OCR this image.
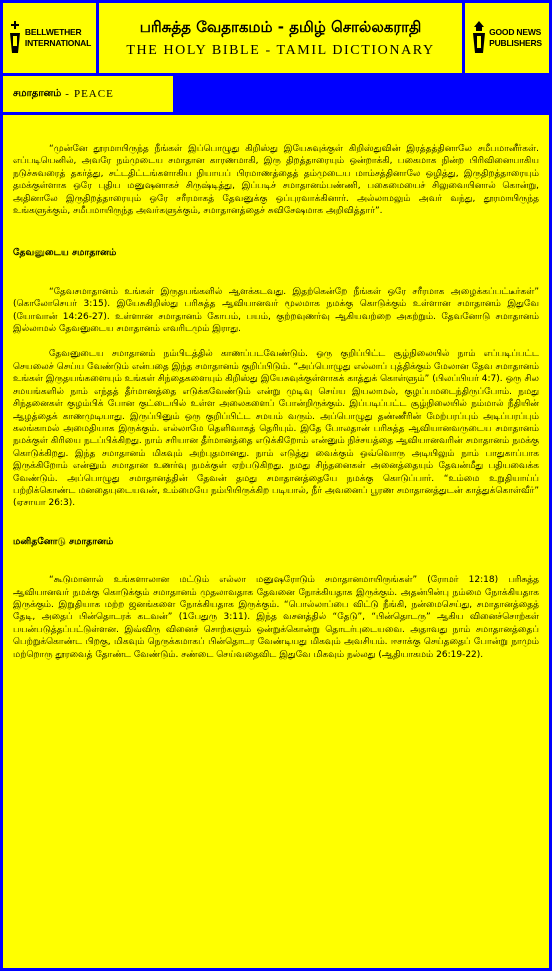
BELLWETHER
INTERNATIONAL
பரிசுத்த வேதாகமம் - தமிழ் சொல்லகராதி
THE HOLY BIBLE - TAMIL DICTIONARY
GOOD NEWS
PUBLISHERS
சமாதானம் - PEACE

“முன்னே தூரமாயிருந்த நீங்கள் இப்பொழுது கிறிஸ்து இயேசுவுக்குள் கிறிஸ்துவின் இரத்தத்தினாலே சமீபமானீர்கள். எப்படியெனில், அவரே நம்முடைய சமாதான காரணமாகி, இரு திறத்தாரையும் ஒன்றாக்கி, பகைமாக நின்ற பிரிவினையாகிய நடுச்சுவரைத் தகர்த்து, சட்டதிட்டங்களாகிய நியாயப் பிரமாணத்தைத் தம்முடைய மாம்சத்தினாலே ஒழித்து, இருதிறத்தாரையும் தமக்குள்ளாக ஒரே புதிய மனுஷனாகச் சிருஷ்டித்து, இப்படிச் சமாதானம்பண்ணி, பகைமையைச் சிலுவையினால் கொன்று, அதினாலே இருதிறத்தாரையும் ஒரே சரீரமாகத் தேவனுக்கு ஒப்புரவாக்கினார். அல்லாமலும் அவர் வந்து, தூரமாயிருந்த உங்களுக்கும், சமீபமாயிருந்த அவர்களுக்கும், சமாதானத்தைச் சுவிசேஷமாக அறிவித்தார்”.

தேவனுடைய சமாதானம்

“தேவசமாதானம் உங்கள் இருதயங்களில் ஆளக்கடவது. இதற்கென்றே நீங்கள் ஒரே சரீரமாக அழைக்கப்பட்டீர்கள்” (கொலோசெயர் 3:15). இயேசுகிறிஸ்து பரிசுத்த ஆவியானவர் மூலமாக நமக்கு கொடுக்கும் உள்ளான சமாதானம் இதுவே (யோவான் 14:26-27). உள்ளான சமாதானம் கோபம், பயம், குற்றவுணர்வு ஆகியவற்றை அகற்றும். தேவனோடு சமாதானம் இல்லாமல் தேவனுடைய சமாதானம் எவரிடமும் இராது.

தேவனுடைய சமாதானம் நம்பிடத்தில் காணப்படவேண்டும். ஒரு குறிப்பிட்ட சூழ்நிலையில் நாம் எப்படிப்பட்ட செயலைச் செய்ய வேண்டும் என்பதை இந்த சமாதானம் குறிப்பிடும். “அப்பொழுது எல்லாப் புத்திக்கும் மேலான தேவ சமாதானம் உங்கள் இருதயங்களையும் உங்கள் சிந்தைகளையும் கிறிஸ்து இயேசுவுக்குள்ளாகக் காத்துக் கொள்ளும்” (பிலப்பியர் 4:7). ஒரு சில சமயங்களில் நாம் எந்தத் தீர்மானத்தை எடுக்கவேண்டும் என்று முடிவு செய்ய இயலாமல், குழப்பமடைந்திருப்போம். நமது சிந்தனைகள் குழம்பிக் போன குட்டையில் உள்ள அலைகளைப் போன்றிருக்கும். இப்படிப்பட்ட சூழ்நிலையில் நம்மால் நீதியின் ஆழத்தைக் காணமுடியாது. இருப்பினும் ஒரு குறிப்பிட்ட சமயம் வரும். அப்பொழுது தண்ணீரின் மேற்பரப்பும் அடிப்பரப்பும் கலங்காமல் அமைதியாக இருக்கும். எல்லாமே தெளிவாகத் தெரியும். இதே போலதான் பரிசுத்த ஆவியானவருடைய சமாதானம் நமக்குள் கிரியை நடப்பிக்கிறது. நாம் சரியான தீர்மானத்தை எடுக்கிறோம் என்னும் நிச்சயத்தை ஆவியானவரின் சமாதானம் நமக்கு கொடுக்கிறது. இந்த சமாதானம் மிகவும் அற்புதமானது. நாம் எடுத்து வைக்கும் ஒவ்வொரு அடியிலும் நாம் பாதுகாப்பாக இருக்கிறோம் என்னும் சமாதான உணர்வு நமக்குள் ஏற்படுகிறது. நமது சிந்தனைகள் அனைத்தையும் தேவன்மீது பதியவைக்க வேண்டும். அப்பொழுது சமாதானத்தின் தேவன் தமது சமாதானத்தையே நமக்கு கொடுப்பார். “உம்மை உறுதியாய்ப் பற்றிக்கொண்ட மனதையுடையவன், உம்மையே நம்பியிருக்கிற படியால், நீர் அவனைப் பூரண சமாதானத்துடன் காத்துக்கொள்வீர்” (ஏசாயா 26:3).

மனிதனோடு சமாதானம்

“கூடுமானால் உங்களாலான மட்டும் எல்லா மனுஷரோடும் சமாதானமாயிருங்கள்” (ரோமர் 12:18) பரிசுத்த ஆவியானவர் நமக்கு கொடுக்கும் சமாதானம் முதலாவதாக தேவனை நோக்கியதாக இருக்கும். அதன்பின்பு நம்மை நோக்கியதாக இருக்கும். இறுதியாக மற்ற ஜனங்களை நோக்கியதாக இருக்கும். “பொல்லாப்பை விட்டு நீங்கி, நன்மைசெய்து, சமாதானத்தைத் தேடி, அதைப் பின்தொடரக் கடவன்” (1பேதுரு 3:11). இந்த வசனத்தில் “தேடு”, “பின்தொடரு” ஆகிய வினைச்சொற்கள் பயன்படுத்தப்பட்டுள்ளன. இவ்விரு வினைச் சொற்களும் ஒன்றுக்கொன்று தொடர்புடையவை. அதாவது நாம் சமாதானத்தைப் பெற்றுக்கொண்ட பிறகு, மிகவும் நெருக்கமாகப் பின்தொடர வேண்டியது மிகவும் அவசியம். ஈசாக்கு செய்ததைப் போன்று நாமும் மற்றொரு தூரவைத் தோண்ட வேண்டும். சண்டை செய்வதைவிட இதுவே மிகவும் நல்லது (ஆதியாகமம் 26:19-22).
